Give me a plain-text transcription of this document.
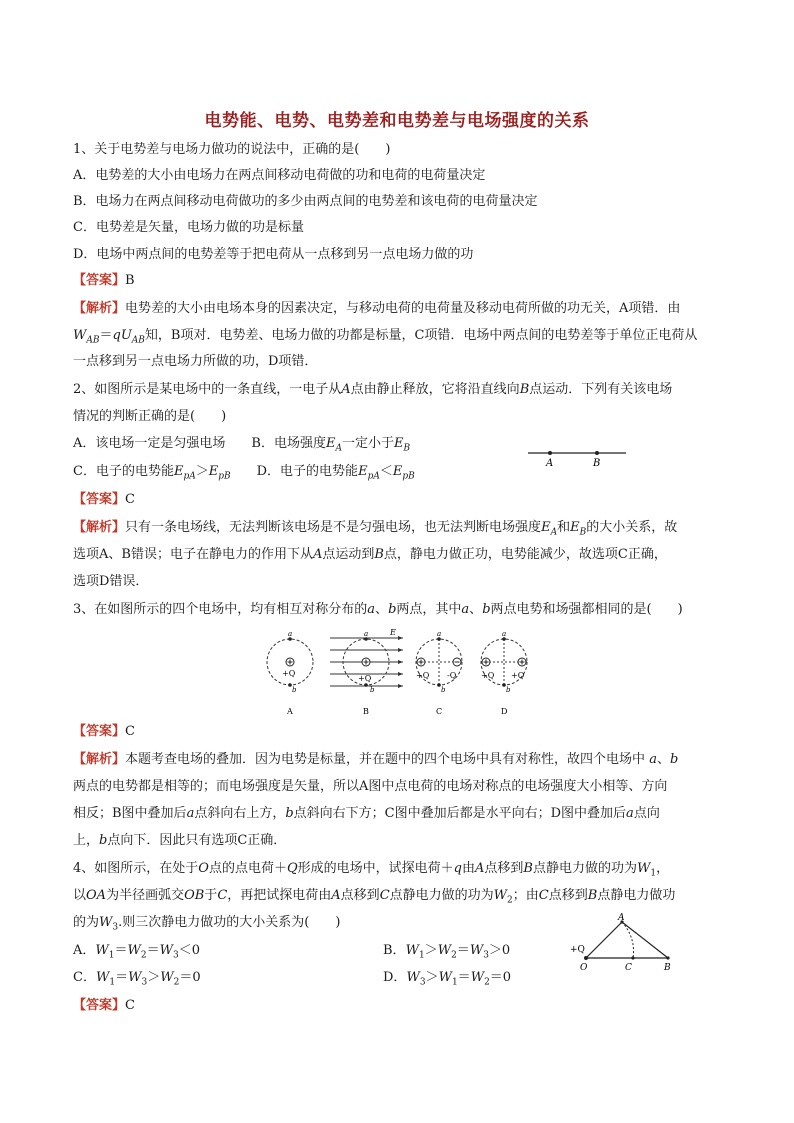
电势能、电势、电势差和电势差与电场强度的关系
1、关于电势差与电场力做功的说法中，正确的是(　　)
A．电势差的大小由电场力在两点间移动电荷做的功和电荷的电荷量决定
B．电场力在两点间移动电荷做功的多少由两点间的电势差和该电荷的电荷量决定
C．电势差是矢量，电场力做的功是标量
D．电场中两点间的电势差等于把电荷从一点移到另一点电场力做的功
【答案】B
【解析】电势差的大小由电场本身的因素决定，与移动电荷的电荷量及移动电荷所做的功无关，A项错．由
$W_{AB}=qU_{AB}$知，B项对．电势差、电场力做的功都是标量，C项错．电场中两点间的电势差等于单位正电荷从
一点移到另一点电场力所做的功，D项错．
2、如图所示是某电场中的一条直线，一电子从A点由静止释放，它将沿直线向B点运动．下列有关该电场
情况的判断正确的是(　　)
A．该电场一定是匀强电场　　 B．电场强度$E_A$一定小于$E_B$
C．电子的电势能$E_{pA}>E_{pB}$　　 D．电子的电势能$E_{pA}<E_{pB}$
A	B
【答案】C
【解析】只有一条电场线，无法判断该电场是不是匀强电场，也无法判断电场强度$E_A$和$E_B$的大小关系，故
选项A、B错误；电子在静电力的作用下从A点运动到B点，静电力做正功，电势能减少，故选项C正确，
选项D错误．
3、在如图所示的四个电场中，均有相互对称分布的a、b两点，其中a、b两点电势和场强都相同的是(　　)
a
+Q
b
A
E
a
+Q
b
B
a
b
+Q -Q
C
a
b
+Q +Q
D
【答案】C
【解析】本题考查电场的叠加．因为电势是标量，并在题中的四个电场中具有对称性，故四个电场中 a、b
两点的电势都是相等的；而电场强度是矢量，所以A图中点电荷的电场对称点的电场强度大小相等、方向
相反；B图中叠加后a点斜向右上方，b点斜向右下方；C图中叠加后都是水平向右；D图中叠加后a点向
上，b点向下．因此只有选项C正确．
4、如图所示，在处于O点的点电荷＋Q形成的电场中，试探电荷＋q由A点移到B点静电力做的功为$W_1$，
以OA为半径画弧交OB于C，再把试探电荷由A点移到C点静电力做的功为$W_2$；由C点移到B点静电力做功
的为$W_3$.则三次静电力做功的大小关系为(　　)
A．$W_1=W_2=W_3<0$	B．$W_1>W_2=W_3>0$
C．$W_1=W_3>W_2=0$	D．$W_3>W_1=W_2=0$
A
+Q
O	C	B
【答案】C
